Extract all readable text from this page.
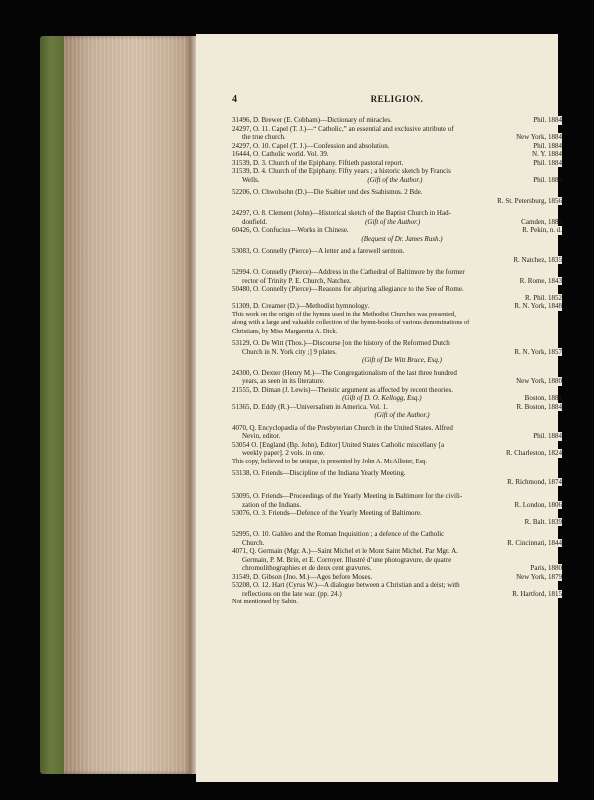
4	RELIGION.
31496, D. Brewer (E. Cobham)—Dictionary of miracles.	Phil. 1884
24297, O. 11. Capel (T. J.)—“ Catholic,” an essential and exclusive attribute of
the true church.	New York, 1884
24297, O. 10. Capel (T. J.)—Confession and absolution.	Phil. 1884
16444, O. Catholic world. Vol. 39.	N. Y. 1884
31539, D. 3. Church of the Epiphany. Fiftieth pastoral report.	Phil. 1884
31539, D. 4. Church of the Epiphany. Fifty years ; a historic sketch by Francis
Wells.	(Gift of the Author.)	Phil. 1884
52206, O. Chwolsohn (D.)—Die Ssabier und des Ssabismus. 2 Bde.
R. St. Petersburg, 1856
24297, O. 8. Clement (John)—Historical sketch of the Baptist Church in Had-
donfield.	(Gift of the Author.)	Camden, 1883
60426, O. Confucius—Works in Chinese.	R. Pekin, n. d.
(Bequest of Dr. James Rush.)
53083, O. Connelly (Pierce)—A letter and a farewell sermon.
R. Natchez, 1835
52994. O. Connelly (Pierce)—Address in the Cathedral of Baltimore by the former
rector of Trinity P. E. Church, Natchez.	R. Rome, 1843
50480, O. Connelly (Pierce)—Reasons for abjuring allegiance to the See of Rome.
R. Phil. 1852
51309, D. Creamer (D.)—Methodist hymnology.	R. N. York, 1848
This work on the origin of the hymns used in the Methodist Churches was presented,
along with a large and valuable collection of the hymn-books of various denominations of
Christians, by Miss Margaretta A. Dick.
53129, O. De Witt (Thos.)—Discourse [on the history of the Reformed Dutch
Church in N. York city ;] 9 plates.	R. N. York, 1857
(Gift of De Witt Bruce, Esq.)
24300, O. Dexter (Henry M.)—The Congregationalism of the last three hundred
years, as seen in its literature.	New York, 1880
21555, D. Diman (J. Lewis)—Theistic argument as affected by recent theories.
(Gift of D. O. Kellogg, Esq.)	Boston, 1881
51365, D. Eddy (R.)—Universalism in America. Vol. 1.	R. Boston, 1884
(Gift of the Author.)
4070, Q. Encyclopædia of the Presbyterian Church in the United States. Alfred
Nevin, editor.	Phil. 1884
53054 O. [England (Bp. John), Editor] United States Catholic miscellany [a
weekly paper]. 2 vols. in one.	R. Charleston, 1824
This copy, believed to be unique, is presented by John A. McAllister, Esq.
53138, O. Friends—Discipline of the Indiana Yearly Meeting.
R. Richmond, 1874
53095, O. Friends—Proceedings of the Yearly Meeting in Baltimore for the civili-
zation of the Indians.	R. London, 1806
53076, O. 3. Friends—Defence of the Yearly Meeting of Baltimore.
R. Balt. 1839
52995, O. 10. Galileo and the Roman Inquisition ; a defence of the Catholic
Church.	R. Cincinnati, 1844
4071, Q. Germain (Mgr. A.)—Saint Michel et le Mont Saint Michel. Par Mgr. A.
Germain, P. M. Brin, et E. Corroyer. Illustré d’une photogravure, de quatre
chromolithographies et de deux cent gravures.	Paris, 1880
31549, D. Gibson (Jno. M.)—Ages before Moses.	New York, 1879
53208, O. 12. Hart (Cyrus W.)—A dialogue between a Christian and a deist; with
reflections on the late war. (pp. 24.)	R. Hartford, 1815
Not mentioned by Sabin.
